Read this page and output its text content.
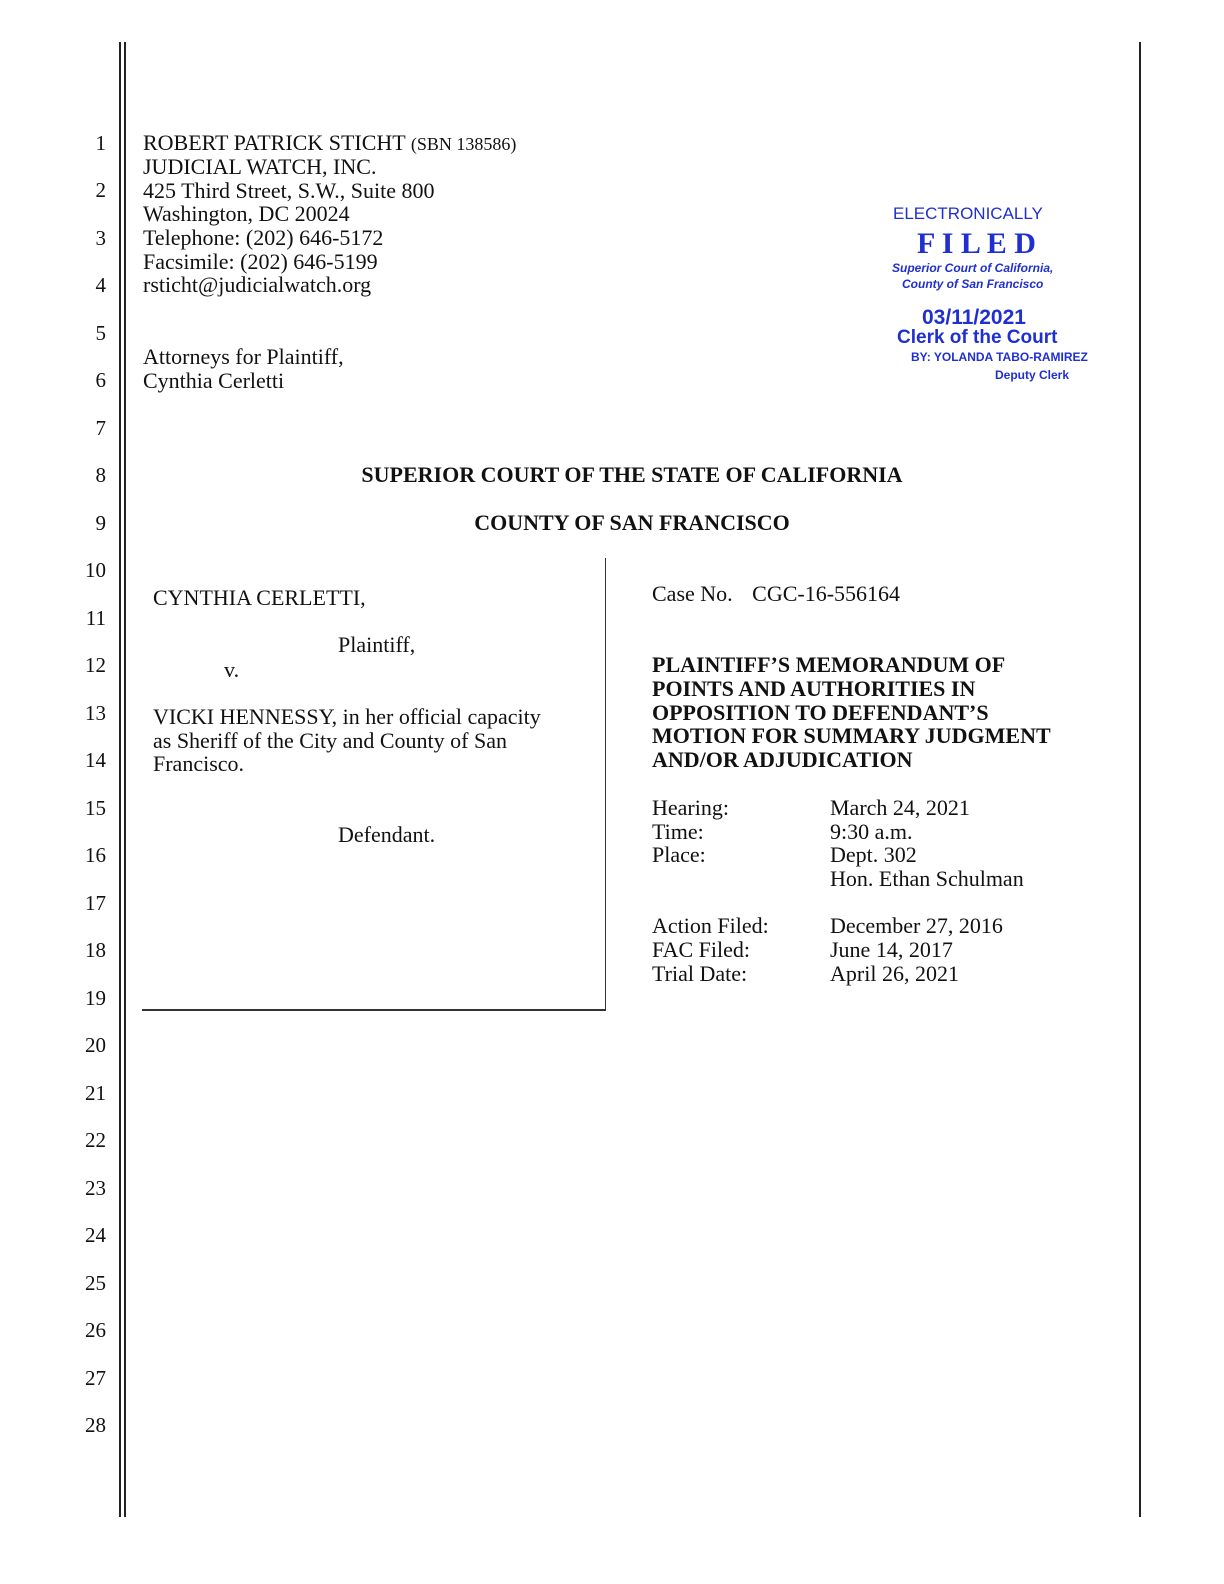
1
2
3
4
5
6
7
8
9
10
11
12
13
14
15
16
17
18
19
20
21
22
23
24
25
26
27
28
ROBERT PATRICK STICHT (SBN 138586)
JUDICIAL WATCH, INC.
425 Third Street, S.W., Suite 800
Washington, DC 20024
Telephone: (202) 646-5172
Facsimile: (202) 646-5199
rsticht@judicialwatch.org
Attorneys for Plaintiff,
Cynthia Cerletti
ELECTRONICALLY
F I L E D
Superior Court of California,
County of San Francisco
03/11/2021
Clerk of the Court
BY: YOLANDA TABO-RAMIREZ
Deputy Clerk
SUPERIOR COURT OF THE STATE OF CALIFORNIA
COUNTY OF SAN FRANCISCO
CYNTHIA CERLETTI,
Plaintiff,
v.
VICKI HENNESSY, in her official capacity
as Sheriff of the City and County of San
Francisco.
Defendant.
Case No. CGC-16-556164
PLAINTIFF’S MEMORANDUM OF
POINTS AND AUTHORITIES IN
OPPOSITION TO DEFENDANT’S
MOTION FOR SUMMARY JUDGMENT
AND/OR ADJUDICATION
Hearing:	March 24, 2021
Time:	9:30 a.m.
Place:	Dept. 302
Hon. Ethan Schulman
Action Filed:	December 27, 2016
FAC Filed:	June 14, 2017
Trial Date:	April 26, 2021
